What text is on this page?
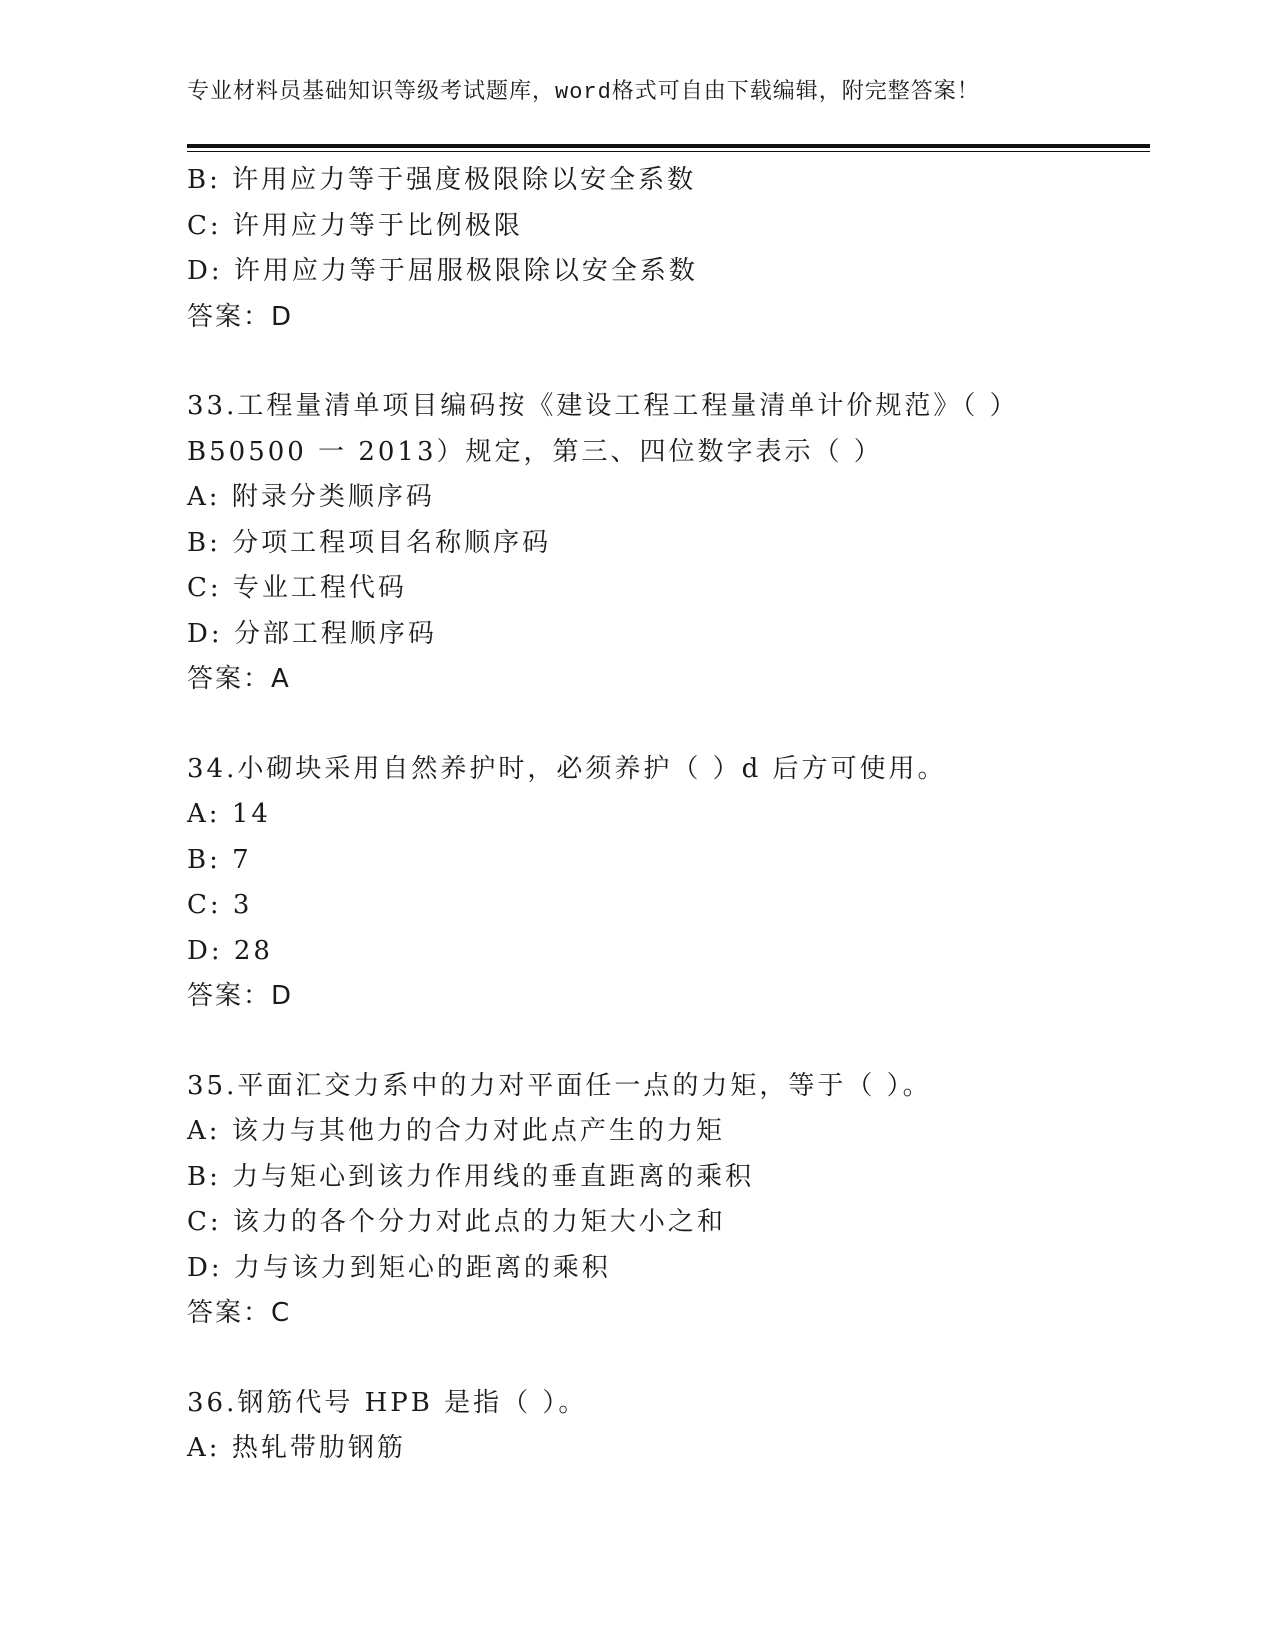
专业材料员基础知识等级考试题库，word格式可自由下载编辑，附完整答案！
B: 许用应力等于强度极限除以安全系数
C: 许用应力等于比例极限
D: 许用应力等于屈服极限除以安全系数
答案：D
33.工程量清单项目编码按《建设工程工程量清单计价规范》（ ）
B50500 一 2013）规定，第三、四位数字表示（ ）
A: 附录分类顺序码
B: 分项工程项目名称顺序码
C: 专业工程代码
D: 分部工程顺序码
答案：A
34.小砌块采用自然养护时，必须养护（ ）d 后方可使用。
A: 14
B: 7
C: 3
D: 28
答案：D
35.平面汇交力系中的力对平面任一点的力矩，等于（ ）。
A: 该力与其他力的合力对此点产生的力矩
B: 力与矩心到该力作用线的垂直距离的乘积
C: 该力的各个分力对此点的力矩大小之和
D: 力与该力到矩心的距离的乘积
答案：C
36.钢筋代号 HPB 是指（ ）。
A: 热轧带肋钢筋
